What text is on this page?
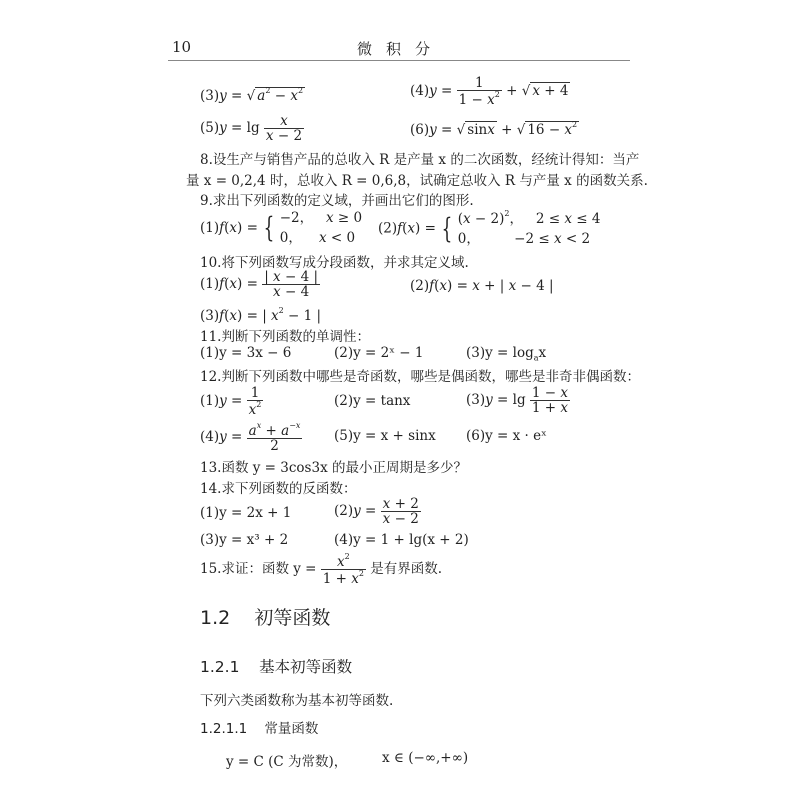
10	微积分
(3)y = √ $a^2 - x^2$	$(4)y = \frac{1}{1 - x^2}$ + √ x + 4
$(5)y = \lg \frac{x}{x - 2}$	(6)y = √ sinx + √ $16 - x^2$
8.设生产与销售产品的总收入 R 是产量 x 的二次函数，经统计得知：当产
量 x = 0,2,4 时，总收入 R = 0,6,8，试确定总收入 R 与产量 x 的函数关系.
9.求出下列函数的定义域，并画出它们的图形.
(1)f(x) = { −2，   x ≥ 0
0，    x < 0
(2)f(x) = { $(x - 2)^2$，   2 ≤ x ≤ 4
0，        −2 ≤ x < 2
10.将下列函数写成分段函数，并求其定义域.
$(1)f(x) = \frac{| x - 4 |}{x - 4}$	(2)f(x) = x + | x − 4 |
(3)f(x) = | $x^2 - 1$ |
11.判断下列函数的单调性：
(1)y = 3x − 6	(2)y = 2ˣ − 1	$(3)y = \log_ax$
12.判断下列函数中哪些是奇函数，哪些是偶函数，哪些是非奇非偶函数：
$(1)y = \frac{1}{x^2}$	(2)y = tanx	$(3)y = \lg \frac{1 - x}{1 + x}$
$(4)y = \frac{a^x + a^{-x}}{2} (5)y = x + \sin x$ (6)y = x · eˣ
13.函数 y = 3cos3x 的最小正周期是多少？
14.求下列函数的反函数：
(1)y = 2x + 1	$(2)y = \frac{x + 2}{x - 2}$
(3)y = x³ + 2	(4)y = 1 + lg(x + 2)
15.求证：函数 $y = \frac{x^2}{1 + x^2}$ 是有界函数.
1.2 初等函数
1.2.1 基本初等函数
下列六类函数称为基本初等函数.
1.2.1.1 常量函数
y = C (C 为常数)，	x ∈ (−∞,+∞)
